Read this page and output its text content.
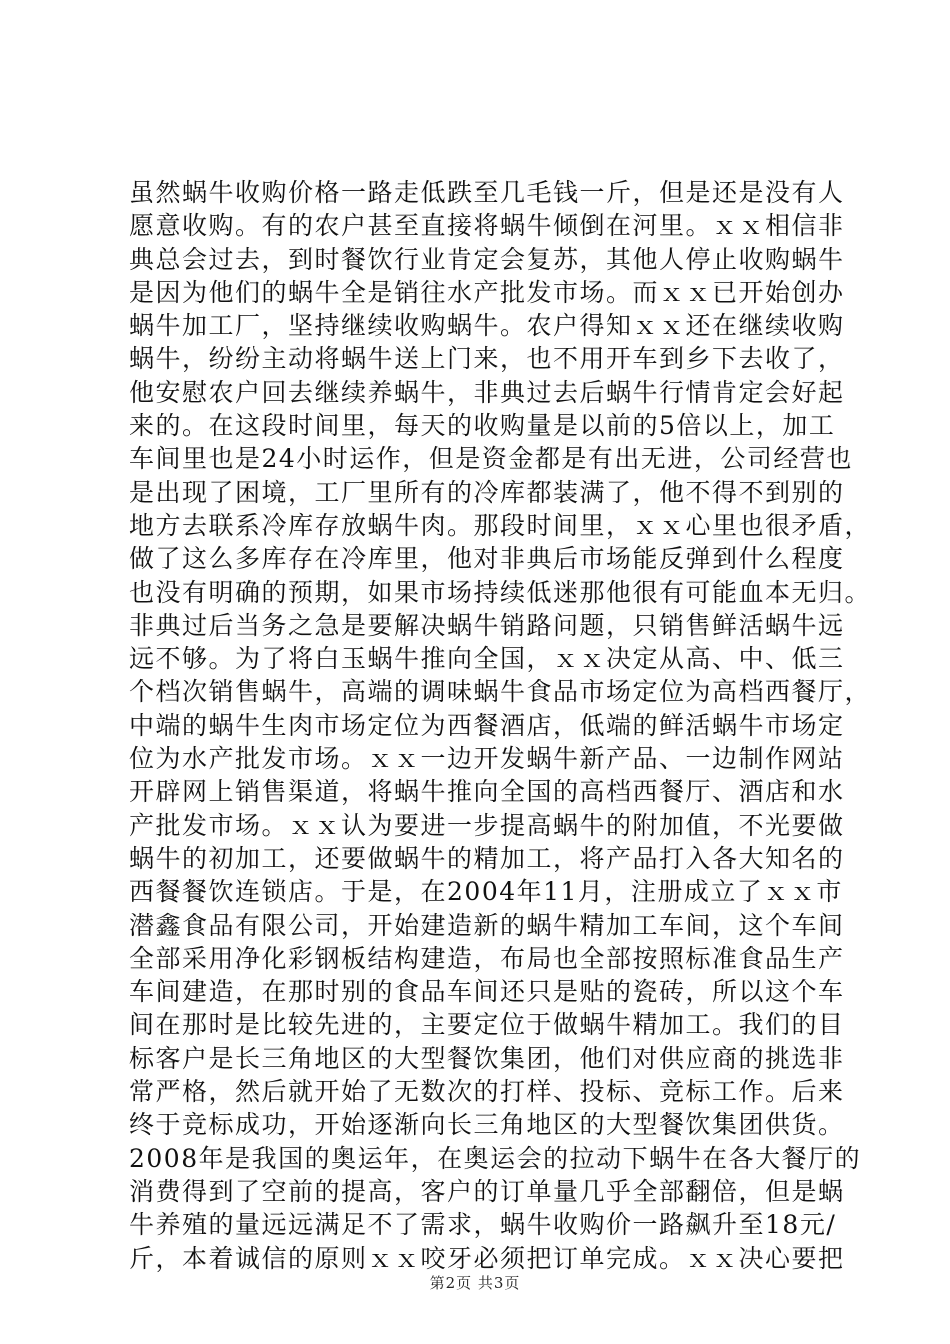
虽然蜗牛收购价格一路走低跌至几毛钱一斤，但是还是没有人
愿意收购。有的农户甚至直接将蜗牛倾倒在河里。ｘｘ相信非
典总会过去，到时餐饮行业肯定会复苏，其他人停止收购蜗牛
是因为他们的蜗牛全是销往水产批发市场。而ｘｘ已开始创办
蜗牛加工厂，坚持继续收购蜗牛。农户得知ｘｘ还在继续收购
蜗牛，纷纷主动将蜗牛送上门来，也不用开车到乡下去收了，
他安慰农户回去继续养蜗牛，非典过去后蜗牛行情肯定会好起
来的。在这段时间里，每天的收购量是以前的5倍以上，加工
车间里也是24小时运作，但是资金都是有出无进，公司经营也
是出现了困境，工厂里所有的冷库都装满了，他不得不到别的
地方去联系冷库存放蜗牛肉。那段时间里，ｘｘ心里也很矛盾，
做了这么多库存在冷库里，他对非典后市场能反弹到什么程度
也没有明确的预期，如果市场持续低迷那他很有可能血本无归。
非典过后当务之急是要解决蜗牛销路问题，只销售鲜活蜗牛远
远不够。为了将白玉蜗牛推向全国，ｘｘ决定从高、中、低三
个档次销售蜗牛，高端的调味蜗牛食品市场定位为高档西餐厅，
中端的蜗牛生肉市场定位为西餐酒店，低端的鲜活蜗牛市场定
位为水产批发市场。ｘｘ一边开发蜗牛新产品、一边制作网站
开辟网上销售渠道，将蜗牛推向全国的高档西餐厅、酒店和水
产批发市场。ｘｘ认为要进一步提高蜗牛的附加值，不光要做
蜗牛的初加工，还要做蜗牛的精加工，将产品打入各大知名的
西餐餐饮连锁店。于是，在2004年11月，注册成立了ｘｘ市
潜鑫食品有限公司，开始建造新的蜗牛精加工车间，这个车间
全部采用净化彩钢板结构建造，布局也全部按照标准食品生产
车间建造，在那时别的食品车间还只是贴的瓷砖，所以这个车
间在那时是比较先进的，主要定位于做蜗牛精加工。我们的目
标客户是长三角地区的大型餐饮集团，他们对供应商的挑选非
常严格，然后就开始了无数次的打样、投标、竞标工作。后来
终于竞标成功，开始逐渐向长三角地区的大型餐饮集团供货。
2008年是我国的奥运年，在奥运会的拉动下蜗牛在各大餐厅的
消费得到了空前的提高，客户的订单量几乎全部翻倍，但是蜗
牛养殖的量远远满足不了需求，蜗牛收购价一路飙升至18元/
斤，本着诚信的原则ｘｘ咬牙必须把订单完成。ｘｘ决心要把
第2页 共3页
